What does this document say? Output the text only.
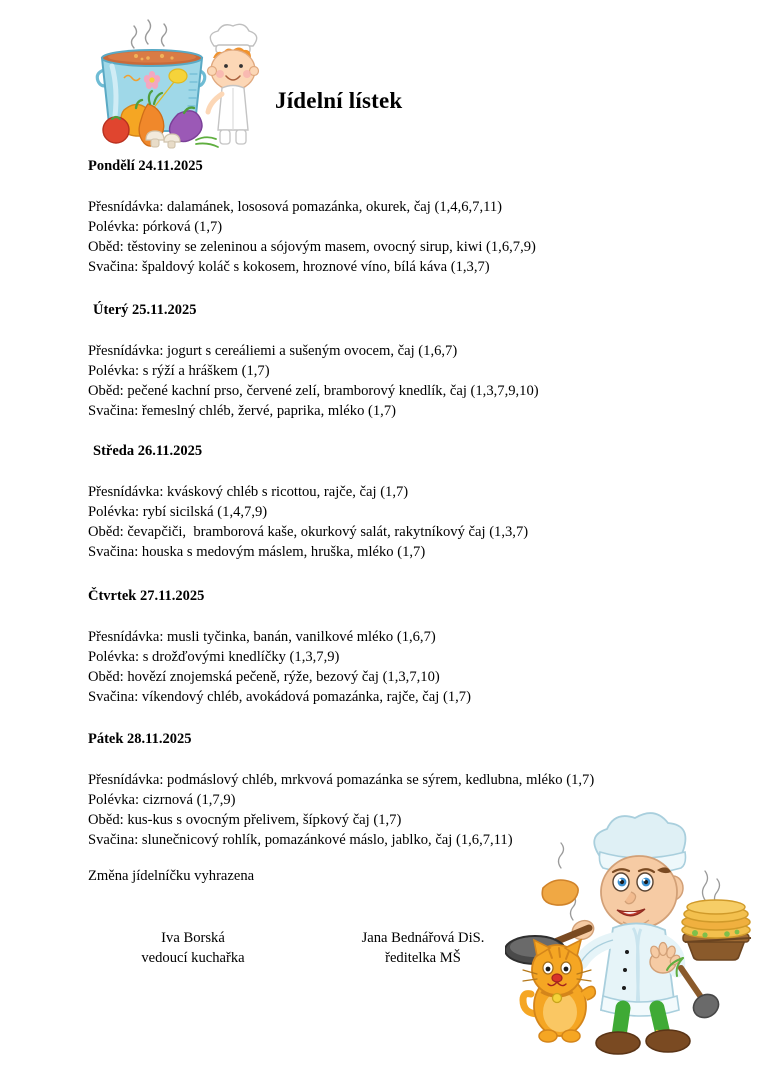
Jídelní lístek
Pondělí 24.11.2025
Přesnídávka: dalamánek, lososová pomazánka, okurek, čaj (1,4,6,7,11)
Polévka: pórková (1,7)
Oběd: těstoviny se zeleninou a sójovým masem, ovocný sirup, kiwi (1,6,7,9)
Svačina: špaldový koláč s kokosem, hroznové víno, bílá káva (1,3,7)
Úterý 25.11.2025
Přesnídávka: jogurt s cereáliemi a sušeným ovocem, čaj (1,6,7)
Polévka: s rýží a hráškem (1,7)
Oběd: pečené kachní prso, červené zelí, bramborový knedlík, čaj (1,3,7,9,10)
Svačina: řemeslný chléb, žervé, paprika, mléko (1,7)
Středa 26.11.2025
Přesnídávka: kváskový chléb s ricottou, rajče, čaj (1,7)
Polévka: rybí sicilská (1,4,7,9)
Oběd: čevapčiči,  bramborová kaše, okurkový salát, rakytníkový čaj (1,3,7)
Svačina: houska s medovým máslem, hruška, mléko (1,7)
Čtvrtek 27.11.2025
Přesnídávka: musli tyčinka, banán, vanilkové mléko (1,6,7)
Polévka: s drožďovými knedlíčky (1,3,7,9)
Oběd: hovězí znojemská pečeně, rýže, bezový čaj (1,3,7,10)
Svačina: víkendový chléb, avokádová pomazánka, rajče, čaj (1,7)
Pátek 28.11.2025
Přesnídávka: podmáslový chléb, mrkvová pomazánka se sýrem, kedlubna, mléko (1,7)
Polévka: cizrnová (1,7,9)
Oběd: kus-kus s ovocným přelivem, šípkový čaj (1,7)
Svačina: slunečnicový rohlík, pomazánkové máslo, jablko, čaj (1,6,7,11)
Změna jídelníčku vyhrazena
Iva Borská
vedoucí kuchařka
Jana Bednářová DiS.
ředitelka MŠ
